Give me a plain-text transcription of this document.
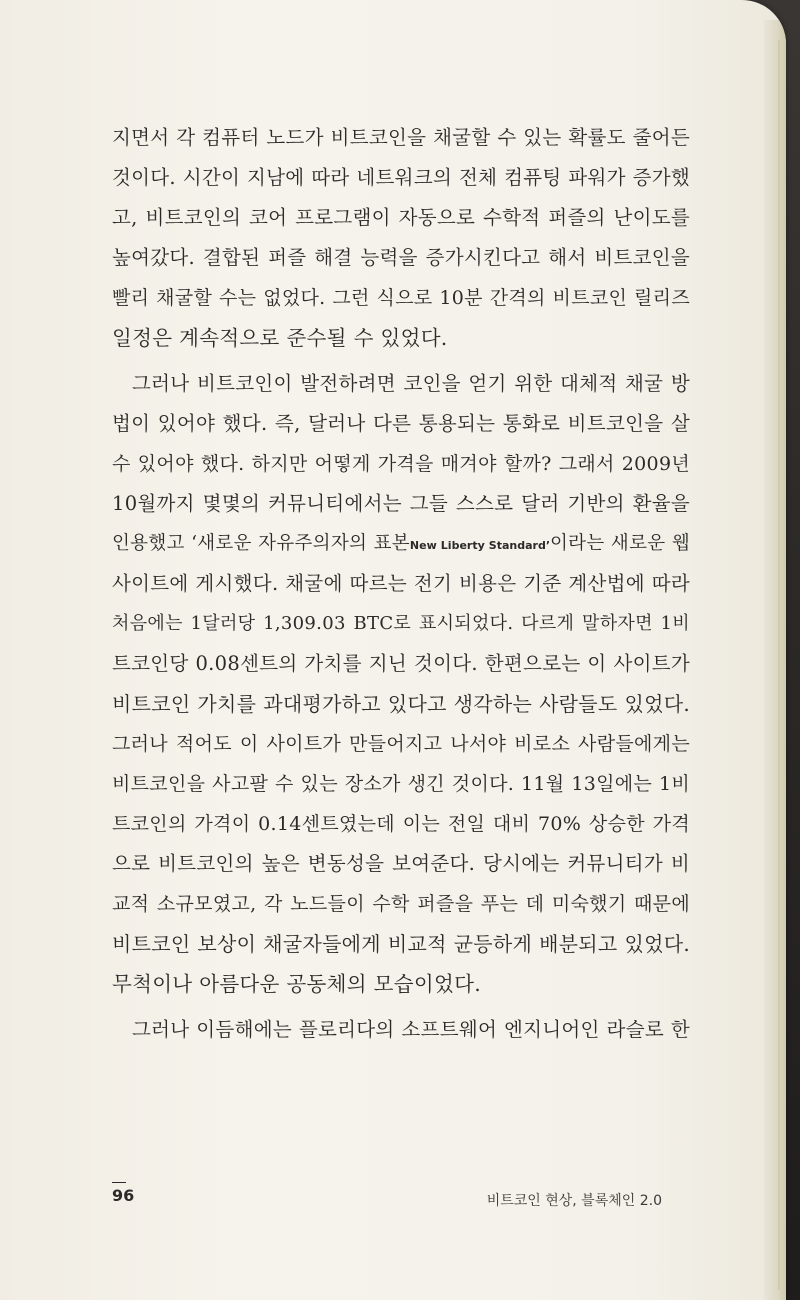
지면서 각 컴퓨터 노드가 비트코인을 채굴할 수 있는 확률도 줄어든
것이다. 시간이 지남에 따라 네트워크의 전체 컴퓨팅 파워가 증가했
고, 비트코인의 코어 프로그램이 자동으로 수학적 퍼즐의 난이도를
높여갔다. 결합된 퍼즐 해결 능력을 증가시킨다고 해서 비트코인을
빨리 채굴할 수는 없었다. 그런 식으로 10분 간격의 비트코인 릴리즈
일정은 계속적으로 준수될 수 있었다.
그러나 비트코인이 발전하려면 코인을 얻기 위한 대체적 채굴 방
법이 있어야 했다. 즉, 달러나 다른 통용되는 통화로 비트코인을 살
수 있어야 했다. 하지만 어떻게 가격을 매겨야 할까? 그래서 2009년
10월까지 몇몇의 커뮤니티에서는 그들 스스로 달러 기반의 환율을
인용했고 ‘새로운 자유주의자의 표본New Liberty Standard’이라는 새로운 웹
사이트에 게시했다. 채굴에 따르는 전기 비용은 기준 계산법에 따라
처음에는 1달러당 1,309.03 BTC로 표시되었다. 다르게 말하자면 1비
트코인당 0.08센트의 가치를 지닌 것이다. 한편으로는 이 사이트가
비트코인 가치를 과대평가하고 있다고 생각하는 사람들도 있었다.
그러나 적어도 이 사이트가 만들어지고 나서야 비로소 사람들에게는
비트코인을 사고팔 수 있는 장소가 생긴 것이다. 11월 13일에는 1비
트코인의 가격이 0.14센트였는데 이는 전일 대비 70% 상승한 가격
으로 비트코인의 높은 변동성을 보여준다. 당시에는 커뮤니티가 비
교적 소규모였고, 각 노드들이 수학 퍼즐을 푸는 데 미숙했기 때문에
비트코인 보상이 채굴자들에게 비교적 균등하게 배분되고 있었다.
무척이나 아름다운 공동체의 모습이었다.
그러나 이듬해에는 플로리다의 소프트웨어 엔지니어인 라슬로 한
96	비트코인 현상, 블록체인 2.0
